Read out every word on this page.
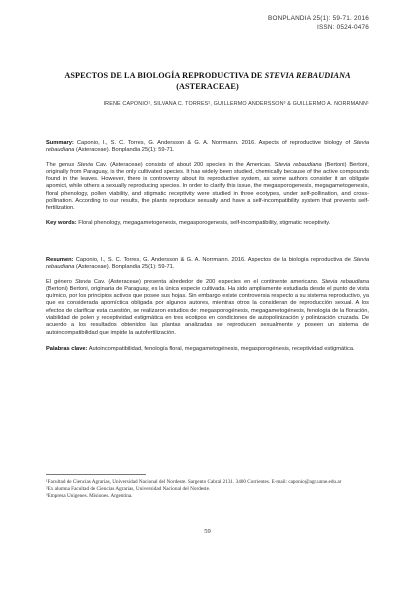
BONPLANDIA 25(1): 59-71. 2016
ISSN: 0524-0476
ASPECTOS DE LA BIOLOGÍA REPRODUCTIVA DE STEVIA REBAUDIANA
(ASTERACEAE)
IRENE CAPONIO¹, SILVANA C. TORRES², GUILLERMO ANDERSSON³ & GUILLERMO A. NORRMANN¹

Summary: Caponio, I., S. C. Torres, G. Andersson & G. A. Norrmann. 2016. Aspects of reproductive biology of Stevia rebaudiana (Asteraceae). Bonplandia 25(1): 59-71.

The genus Stevia Cav. (Asteraceae) consists of about 200 species in the Americas. Stevia rebaudiana (Bertoni) Bertoni, originally from Paraguay, is the only cultivated species. It has widely been studied, chemically because of the active compounds found in the leaves. However, there is controversy about its reproductive system, as some authors consider it an obligate apomict, while others a sexually reproducing species. In order to clarify this issue, the megasporogenesis, megagametogenesis, floral phenology, pollen viability, and stigmatic receptivity were studied in three ecotypes, under self-pollination, and cross-pollination. According to our results, the plants reproduce sexually and have a self-incompatibility system that prevents self-fertilization.

Key words: Floral phenology, megagametogenesis, megasporogenesis, self-incompatibility, stigmatic receptivity.

Resumen: Caponio, I., S. C. Torres, G. Andersson & G. A. Norrmann. 2016. Aspectos de la biología reproductiva de Stevia rebaudiana (Asteraceae). Bonplandia 25(1): 59-71.

El género Stevia Cav. (Asteraceae) presenta alrededor de 200 especies en el continente americano. Stevia rebaudiana (Bertoni) Bertoni, originaria de Paraguay, es la única especie cultivada. Ha sido ampliamente estudiada desde el punto de vista químico, por los principios activos que posee sus hojas. Sin embargo existe controversia respecto a su sistema reproductivo, ya que es considerada apomíctica obligada por algunos autores, mientras otros la consideran de reproducción sexual. A los efectos de clarificar esta cuestión, se realizaron estudios de: megasporogénesis, megagametogénesis, fenología de la floración, viabilidad de polen y receptividad estigmática en tres ecotipos en condiciones de autopolinización y polinización cruzada. De acuerdo a los resultados obtenidos las plantas analizadas se reproducen sexualmente y poseen un sistema de autoincompatibilidad que impide la autofertilización.

Palabras clave: Autoincompatibilidad, fenología floral, megagametogénesis, megasporogénesis, receptividad estigmática.

¹Facultad de Ciencias Agrarias, Universidad Nacional del Nordeste. Sargento Cabral 2131. 3400 Corrientes. E-mail: caponio@agr.unne.edu.ar

²Ex alumna Facultad de Ciencias Agrarias, Universidad Nacional del Nordeste.

³Empresa Unigenes. Misiones. Argentina.

59
